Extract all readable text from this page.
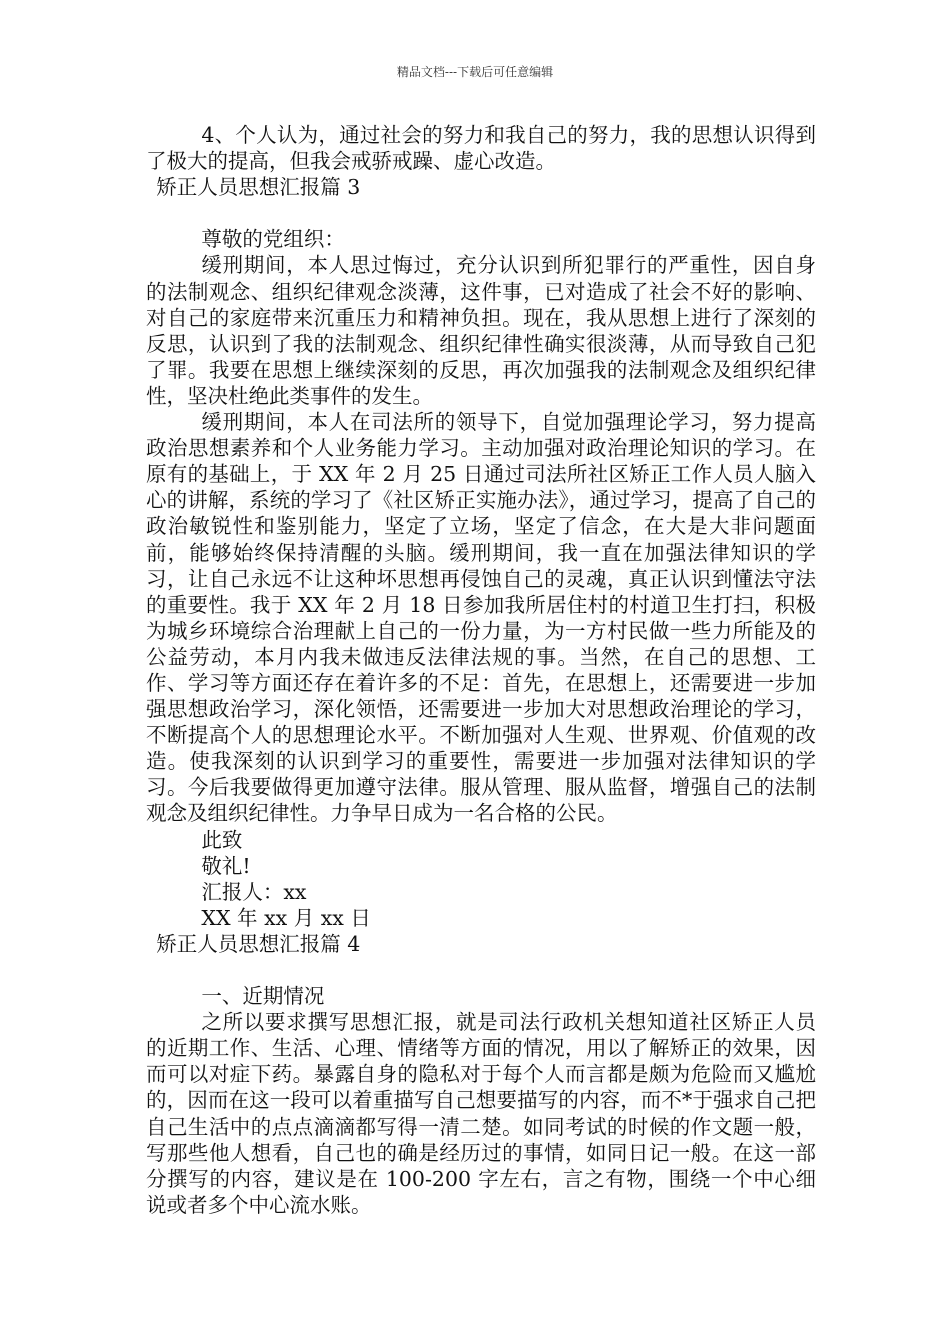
精品文档---下载后可任意编辑

4、个人认为，通过社会的努力和我自己的努力，我的思想认识得到了极大的提高，但我会戒骄戒躁、虚心改造。

矫正人员思想汇报篇 3

尊敬的党组织：

缓刑期间，本人思过悔过，充分认识到所犯罪行的严重性，因自身的法制观念、组织纪律观念淡薄，这件事，已对造成了社会不好的影响、对自己的家庭带来沉重压力和精神负担。现在，我从思想上进行了深刻的反思，认识到了我的法制观念、组织纪律性确实很淡薄，从而导致自己犯了罪。我要在思想上继续深刻的反思，再次加强我的法制观念及组织纪律性，坚决杜绝此类事件的发生。

缓刑期间，本人在司法所的领导下，自觉加强理论学习，努力提高政治思想素养和个人业务能力学习。主动加强对政治理论知识的学习。在原有的基础上，于 XX 年 2 月 25 日通过司法所社区矫正工作人员人脑入心的讲解，系统的学习了《社区矫正实施办法》，通过学习，提高了自己的政治敏锐性和鉴别能力，坚定了立场，坚定了信念，在大是大非问题面前，能够始终保持清醒的头脑。缓刑期间，我一直在加强法律知识的学习，让自己永远不让这种坏思想再侵蚀自己的灵魂，真正认识到懂法守法的重要性。我于 XX 年 2 月 18 日参加我所居住村的村道卫生打扫，积极为城乡环境综合治理献上自己的一份力量，为一方村民做一些力所能及的公益劳动，本月内我未做违反法律法规的事。当然，在自己的思想、工作、学习等方面还存在着许多的不足：首先，在思想上，还需要进一步加强思想政治学习，深化领悟，还需要进一步加大对思想政治理论的学习，不断提高个人的思想理论水平。不断加强对人生观、世界观、价值观的改造。使我深刻的认识到学习的重要性，需要进一步加强对法律知识的学习。今后我要做得更加遵守法律。服从管理、服从监督，增强自己的法制观念及组织纪律性。力争早日成为一名合格的公民。

此致

敬礼!

汇报人：xx

XX 年 xx 月 xx 日

矫正人员思想汇报篇 4

一、近期情况

之所以要求撰写思想汇报，就是司法行政机关想知道社区矫正人员的近期工作、生活、心理、情绪等方面的情况，用以了解矫正的效果，因而可以对症下药。暴露自身的隐私对于每个人而言都是颇为危险而又尴尬的，因而在这一段可以着重描写自己想要描写的内容，而不*于强求自己把自己生活中的点点滴滴都写得一清二楚。如同考试的时候的作文题一般，写那些他人想看，自己也的确是经历过的事情，如同日记一般。在这一部分撰写的内容，建议是在 100-200 字左右，言之有物，围绕一个中心细说或者多个中心流水账。
